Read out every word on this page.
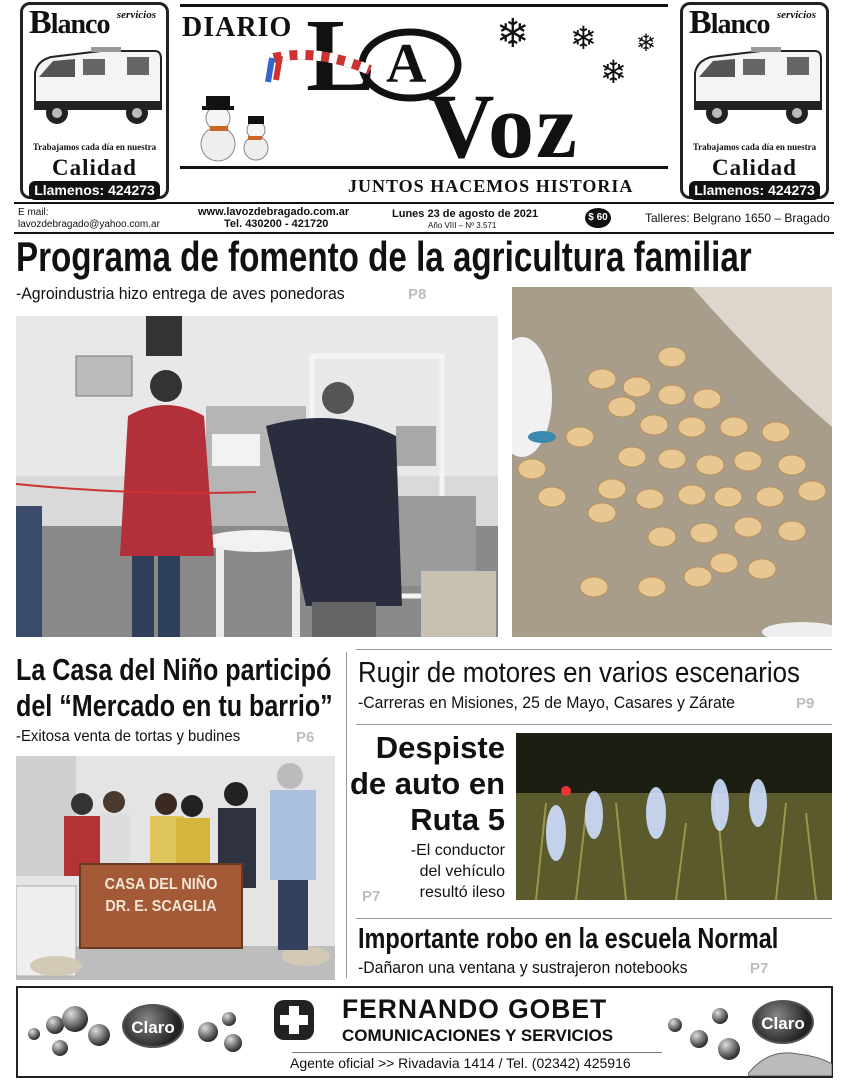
Blanco servicios
Trabajamos cada día en nuestra
Calidad
Llamenos: 424273
Blanco servicios
Trabajamos cada día en nuestra
Calidad
Llamenos: 424273
DIARIO L A
Voz
❄ ❄ ❄
❄
JUNTOS HACEMOS HISTORIA
E mail:
lavozdebragado@yahoo.com.ar
www.lavozdebragado.com.ar
Tel. 430200 - 421720
Lunes 23 de agosto de 2021
Año VIII – Nº 3.571
$ 60	Talleres: Belgrano 1650 – Bragado
Programa de fomento de la agricultura familiar
-Agroindustria hizo entrega de aves ponedoras	P8
La Casa del Niño participó
del “Mercado en tu barrio”
-Exitosa venta de tortas y budines	P6
CASA DEL NIÑO
DR. E. SCAGLIA
Rugir de motores en varios escenarios
-Carreras en Misiones, 25 de Mayo, Casares y Zárate	P9
Despiste
de auto en
Ruta 5
-El conductor
del vehículo
resultó ileso
P7
Importante robo en la escuela Normal
-Dañaron una ventana y sustrajeron notebooks	P7
Claro
FERNANDO GOBET
COMUNICACIONES Y SERVICIOS
Agente oficial >> Rivadavia 1414 / Tel. (02342) 425916
Claro
